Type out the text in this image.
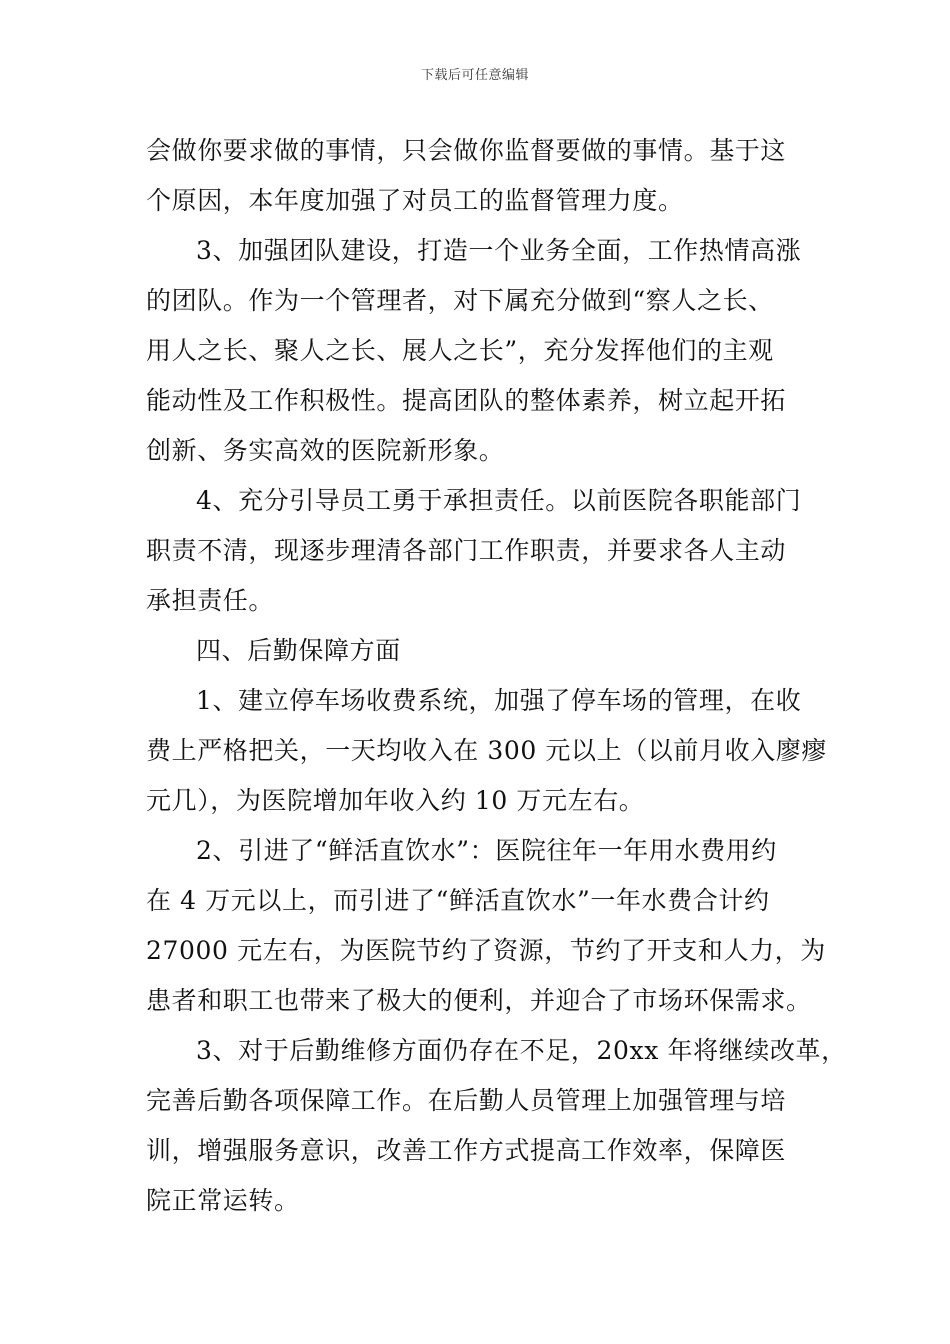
下载后可任意编辑
会做你要求做的事情，只会做你监督要做的事情。基于这
个原因，本年度加强了对员工的监督管理力度。
3、加强团队建设，打造一个业务全面，工作热情高涨
的团队。作为一个管理者，对下属充分做到“察人之长、
用人之长、聚人之长、展人之长”，充分发挥他们的主观
能动性及工作积极性。提高团队的整体素养，树立起开拓
创新、务实高效的医院新形象。
4、充分引导员工勇于承担责任。以前医院各职能部门
职责不清，现逐步理清各部门工作职责，并要求各人主动
承担责任。
四、后勤保障方面
1、建立停车场收费系统，加强了停车场的管理，在收
费上严格把关，一天均收入在 300 元以上（以前月收入廖瘳
元几），为医院增加年收入约 10 万元左右。
2、引进了“鲜活直饮水”：医院往年一年用水费用约
在 4 万元以上，而引进了“鲜活直饮水”一年水费合计约
27000 元左右，为医院节约了资源，节约了开支和人力，为
患者和职工也带来了极大的便利，并迎合了市场环保需求。
3、对于后勤维修方面仍存在不足，20xx 年将继续改革，
完善后勤各项保障工作。在后勤人员管理上加强管理与培
训，增强服务意识，改善工作方式提高工作效率，保障医
院正常运转。
